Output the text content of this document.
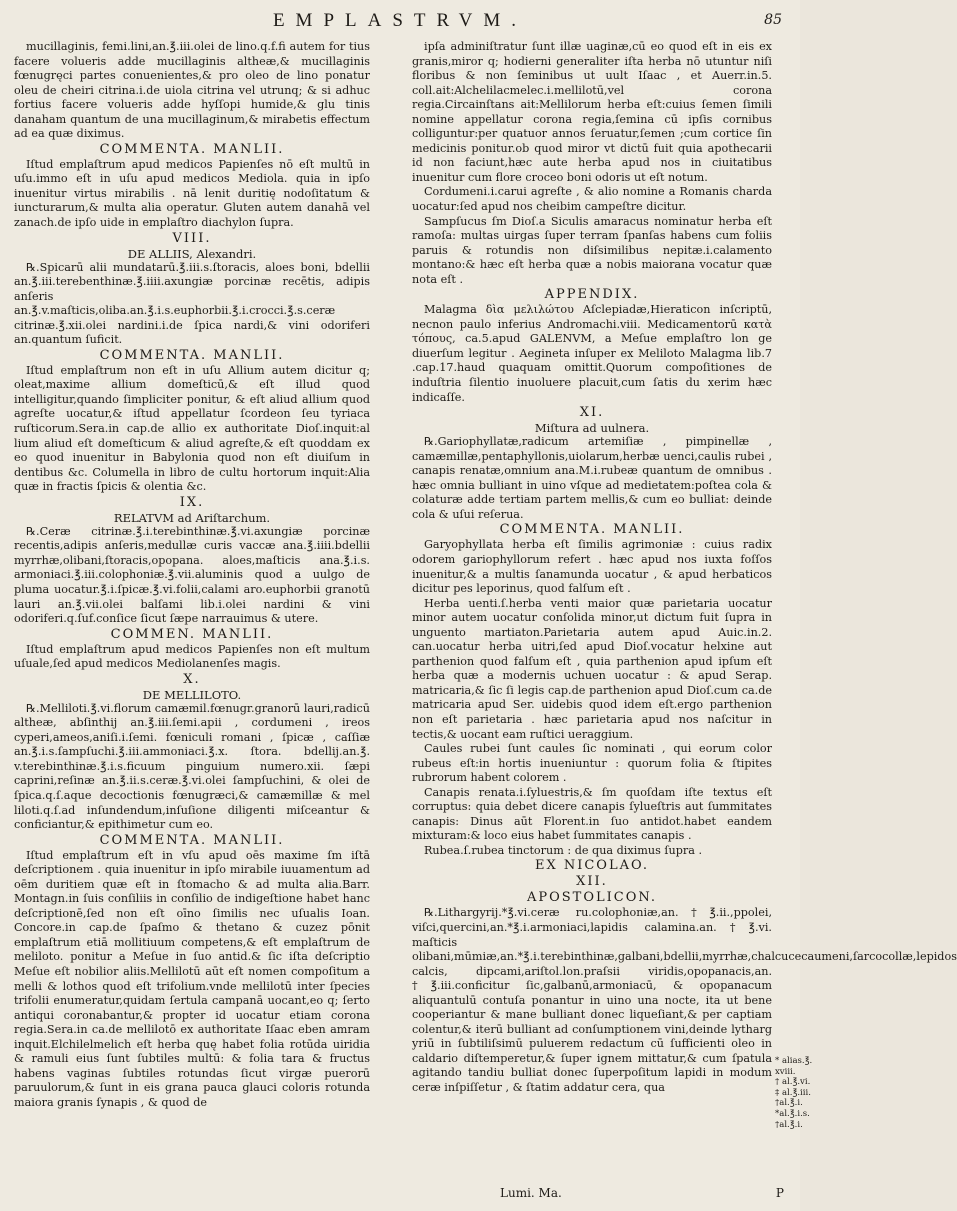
EMPLASTRVM.	85

mucillaginis, femi.lini,an.℥.iii.olei de lino.q.f.fi autem for tius facere volueris adde mucillaginis altheæ,& mucillaginis fœnugręci partes conuenientes,& pro oleo de lino ponatur oleu de cheiri citrina.i.de uiola citrina vel utrunq; & si adhuc fortius facere volueris adde hyſſopi humide,& glu tinis danaham quantum de una mucillaginum,& mirabetis effectum ad ea quæ diximus.

COMMENTA. MANLII.

Iſtud emplaſtrum apud medicos Papienſes nō eſt multū in uſu.immo eſt in uſu apud medicos Mediola. quia in ipſo inuenitur virtus mirabilis . nā lenit duritię nodoſitatum & iuncturarum,& multa alia operatur. Gluten autem danahā vel zanach.de ipſo uide in emplaſtro diachylon ſupra.

VIII.

DE ALLIIS, Alexandri.

℞.Spicarū alii mundatarū.℥.iii.s.ſtoracis, aloes boni, bdellii an.℥.iii.terebenthinæ.℥.iiii.axungiæ porcinæ recētis, adipis anſeris an.℥.v.maſticis,oliba.an.℥.i.s.euphorbii.℥.i.crocci.℥.s.ceræ citrinæ.℥.xii.olei nardini.i.de ſpica nardi,& vini odoriferi an.quantum ſuficit.

COMMENTA. MANLII.

Iſtud emplaſtrum non eſt in uſu Allium autem dicitur q; oleat,maxime allium domeſticū,& eſt illud quod intelligitur,quando ſimpliciter ponitur, & eſt aliud allium quod agreſte uocatur,& iſtud appellatur ſcordeon ſeu tyriaca ruſticorum.Sera.in cap.de allio ex authoritate Dioſ.inquit:al lium aliud eſt domeſticum & aliud agreſte,& eſt quoddam ex eo quod inuenitur in Babylonia quod non eſt diuiſum in dentibus &c. Columella in libro de cultu hortorum inquit:Alia quæ in fractis ſpicis & olentia &c.

IX.

RELATVM ad Ariſtarchum.

℞.Ceræ citrinæ.℥.i.terebinthinæ.℥.vi.axungiæ porcinæ recentis,adipis anſeris,medullæ curis vaccæ ana.℥.iiii.bdellii myrrhæ,olibani,ſtoracis,opopana. aloes,maſticis ana.℥.i.s. armoniaci.℥.iii.colophoniæ.℥.vii.aluminis quod a uulgo de pluma uocatur.℥.i.ſpicæ.℥.vi.folii,calami aro.euphorbii granotū lauri an.℥.vii.olei balſami lib.i.olei nardini & vini odoriferi.q.ſuf.conſice ſicut ſæpe narrauimus & utere.

COMMEN. MANLII.

Iſtud emplaſtrum apud medicos Papienſes non eſt multum uſuale,ſed apud medicos Mediolanenſes magis.

X.

DE MELLILOTO.

℞.Melliloti.℥.vi.florum camæmil.fœnugr.granorū lauri,radicū altheæ, abſinthij an.℥.iii.ſemi.apii , cordumeni , ireos cyperi,ameos,aniſi.i.ſemi. fœniculi romani , ſpicæ , caſſiæ an.℥.i.s.ſampſuchi.℥.iii.ammoniaci.℥.x. ſtora. bdellij.an.℥. v.terebinthinæ.℥.i.s.ficuum pinguium numero.xii. ſæpi caprini,reſinæ an.℥.ii.s.ceræ.℥.vi.olei ſampſuchini, & olei de ſpica.q.ſ.aque decoctionis fœnugræci,& camæmillæ & mel liloti.q.ſ.ad inſundendum,inſuſione diligenti miſceantur & conficiantur,& epithimetur cum eo.

COMMENTA. MANLII.

Iſtud emplaſtrum eſt in vſu apud oēs maxime ſm iſtā deſcriptionem . quia inuenitur in ipſo mirabile iuuamentum ad oēm duritiem quæ eſt in ſtomacho & ad multa alia.Barr. Montagn.in ſuis conſiliis in conſilio de indigeſtione habet hanc deſcriptionē,ſed non eſt oīno ſimilis nec uſualis Ioan. Concore.in cap.de ſpaſmo & thetano & cuzez pōnit emplaſtrum etiā mollitiuum competens,& eſt emplaſtrum de meliloto. ponitur a Meſue in ſuo antid.& ſic iſta deſcriptio Meſue eſt nobilior aliis.Mellilotū aūt eſt nomen compoſitum a melli & lothos quod eſt trifolium.vnde mellilotū inter ſpecies trifolii enumeratur,quidam ſertula campanā uocant,eo q; ſerto antiqui coronabantur,& propter id uocatur etiam corona regia.Sera.in ca.de mellilotō ex authoritate Iſaac eben amram inquit.Elchilelmelich eſt herba quę habet folia rotūda uiridia & ramuli eius ſunt ſubtiles multū: & folia tara & fructus habens vaginas ſubtiles rotundas ſicut virgæ puerorū paruulorum,& ſunt in eis grana pauca glauci coloris rotunda maiora granis ſynapis , & quod de

ipſa adminiſtratur ſunt illæ uaginæ,cū eo quod eſt in eis ex granis,miror q; hodierni generaliter iſta herba nō utuntur niſi floribus & non ſeminibus ut uult Iſaac , et Auerr.in.5. coll.ait:Alchelilacmelec.i.mellilotū,vel corona regia.Circainſtans ait:Mellilorum herba eſt:cuius ſemen ſimili nomine appellatur corona regia,ſemina cū ipſis cornibus colliguntur:per quatuor annos ſeruatur,ſemen ;cum cortice ſin medicinis ponitur.ob quod miror vt dictū fuit quia apothecarii id non faciunt,hæc aute herba apud nos in ciuitatibus inuenitur cum flore croceo boni odoris ut eſt notum.

Cordumeni.i.carui agreſte , & alio nomine a Romanis charda uocatur:ſed apud nos cheibim campeſtre dicitur.

Sampſucus ſm Dioſ.a Siculis amaracus nominatur herba eſt ramoſa: multas uirgas ſuper terram ſpanſas habens cum foliis paruis & rotundis non diſsimilibus nepitæ.i.calamento montano:& hæc eſt herba quæ a nobis maiorana vocatur quæ nota eſt .

APPENDIX.

Malagma δὶα μελιλώτου Aſclepiadæ,Hieraticon inſcriptū, necnon paulo inferius Andromachi.viii. Medicamentorū κατὰ τόπους, ca.5.apud GALENVM, a Meſue emplaſtro lon ge diuerſum legitur . Aegineta inſuper ex Meliloto Malagma lib.7 .cap.17.haud quaquam omittit.Quorum compoſitiones de induſtria ſilentio inuoluere placuit,cum ſatis du xerim hæc indicaſſe.

XI.

Miſtura ad uulnera.

℞.Gariophyllatæ,radicum artemiſiæ , pimpinellæ , camæmillæ,pentaphyllonis,uiolarum,herbæ uenci,caulis rubei , canapis renatæ,omnium ana.M.i.rubeæ quantum de omnibus . hæc omnia bulliant in uino vſque ad medietatem:poſtea cola & colaturæ adde tertiam partem mellis,& cum eo bulliat: deinde cola & uſui reſerua.

COMMENTA. MANLII.

Garyophyllata herba eſt ſimilis agrimoniæ : cuius radix odorem gariophyllorum refert . hæc apud nos iuxta foſſos inuenitur,& a multis ſanamunda uocatur , & apud herbaticos dicitur pes leporinus, quod falſum eſt .

Herba uenti.ſ.herba venti maior quæ parietaria uocatur minor autem uocatur conſolida minor,ut dictum fuit ſupra in unguento martiaton.Parietaria autem apud Auic.in.2. can.uocatur herba uitri,ſed apud Dioſ.vocatur helxine aut parthenion quod falſum eſt , quia parthenion apud ipſum eſt herba quæ a modernis uchuen uocatur : & apud Serap. matricaria,& ſic ſi legis cap.de parthenion apud Dioſ.cum ca.de matricaria apud Ser. uidebis quod idem eſt.ergo parthenion non eſt parietaria . hæc parietaria apud nos naſcitur in tectis,& uocant eam ruſtici ueraggium.

Caules rubei ſunt caules ſic nominati , qui eorum color rubeus eſt:in hortis inueniuntur : quorum folia & ſtipites rubrorum habent colorem .

Canapis renata.i.ſyluestris,& ſm quoſdam iſte textus eſt corruptus: quia debet dicere canapis ſylueſtris aut ſummitates canapis: Dinus aūt Florent.in ſuo antidot.habet eandem mixturam:& loco eius habet ſummitates canapis .

Rubea.ſ.rubea tinctorum : de qua diximus ſupra .

EX NICOLAO.

XII.

APOSTOLICON.

℞.Lithargyrij.*℥.vi.ceræ ru.colophoniæ,an.†℥.ii.,ppolei, viſci,quercini,an.*℥.i.armoniaci,lapidis calamina.an.†℥.vi. maſticis olibani,mūmiæ,an.*℥.i.terebinthinæ,galbani,bdellii,myrrhæ,chalcucecaumeni,ſarcocollæ,lepidos calcis, dipcami,ariſtol.lon.praſsii viridis,opopanacis,an. †℥.iii.conficitur ſic,galbanū,armoniacū, & opopanacum aliquantulū contuſa ponantur in uino una nocte, ita ut bene cooperiantur & mane bulliant donec liqueſiant,& per captiam colentur,& iterū bulliant ad conſumptionem vini,deinde lytharg yriū in ſubtiliſsimū puluerem redactum cū ſufficienti oleo in caldario diſtemperetur,& ſuper ignem mittatur,& cum ſpatula agitando tandiu bulliat donec ſuperpoſitum lapidi in modum ceræ inſpiſſetur , & ſtatim addatur cera, qua

* alias.℥.
xviii.
† al.℥.vi.
‡ al.℥.iii.
†al.℥.i.
*al.℥.i.s.
†al.℥.i.
Lumi. Ma.	P
